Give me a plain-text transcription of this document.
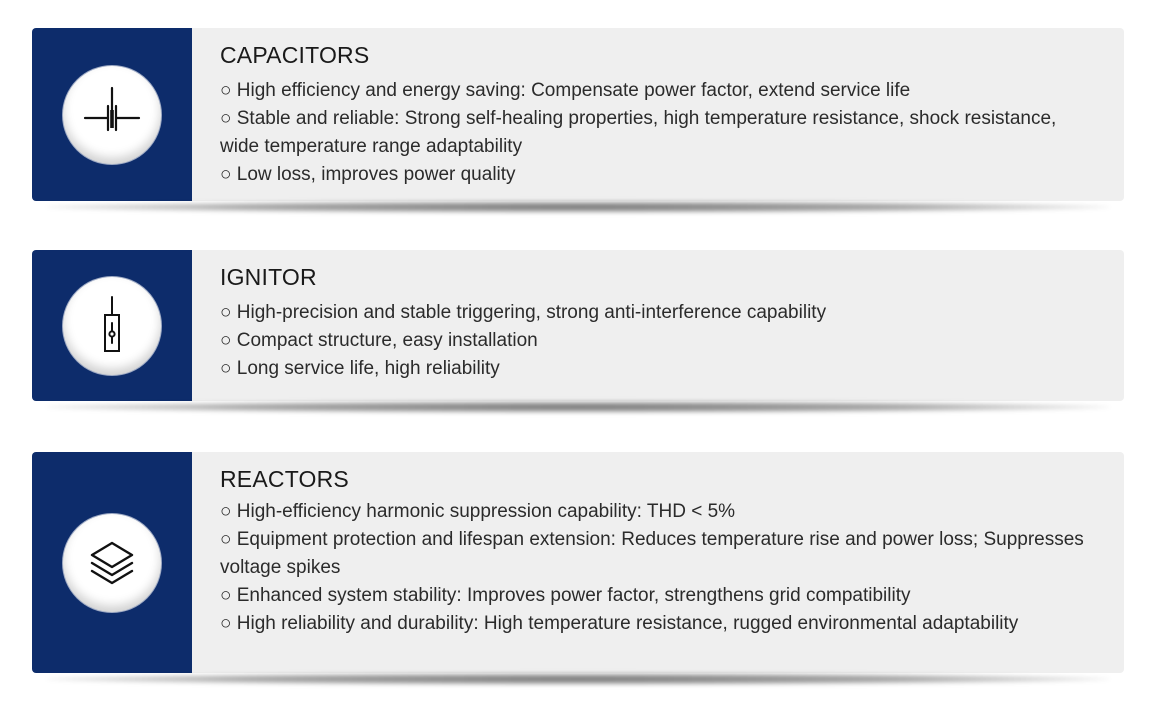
CAPACITORS
○ High efficiency and energy saving: Compensate power factor, extend service life
○ Stable and reliable: Strong self-healing properties, high temperature resistance, shock resistance, wide temperature range adaptability
○ Low loss, improves power quality
IGNITOR
○ High-precision and stable triggering, strong anti-interference capability
○ Compact structure, easy installation
○ Long service life, high reliability
REACTORS
○ High-efficiency harmonic suppression capability: THD < 5%
○ Equipment protection and lifespan extension: Reduces temperature rise and power loss; Suppresses voltage spikes
○ Enhanced system stability: Improves power factor, strengthens grid compatibility
○ High reliability and durability: High temperature resistance, rugged environmental adaptability
